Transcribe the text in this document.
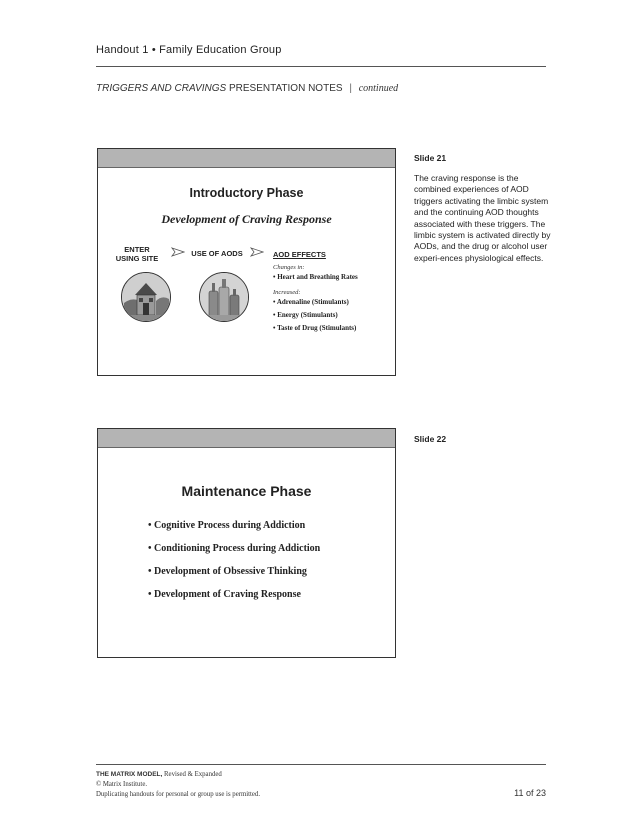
Handout 1 • Family Education Group
TRIGGERS AND CRAVINGS PRESENTATION NOTES | continued
Introductory Phase
Development of Craving Response
ENTER USING SITE
USE OF AODS	AOD EFFECTS
Changes in:
• Heart and Breathing Rates
Increased:
• Adrenaline (Stimulants)
• Energy (Stimulants)
• Taste of Drug (Stimulants)
Slide 21
The craving response is the combined experiences of AOD triggers activating the limbic system and the continuing AOD thoughts associated with these triggers. The limbic system is activated directly by AODs, and the drug or alcohol user experi-ences physiological effects.
Maintenance Phase
• Cognitive Process during Addiction
• Conditioning Process during Addiction
• Development of Obsessive Thinking
• Development of Craving Response
Slide 22
THE MATRIX MODEL, Revised & Expanded
© Matrix Institute.
Duplicating handouts for personal or group use is permitted.	11 of 23
